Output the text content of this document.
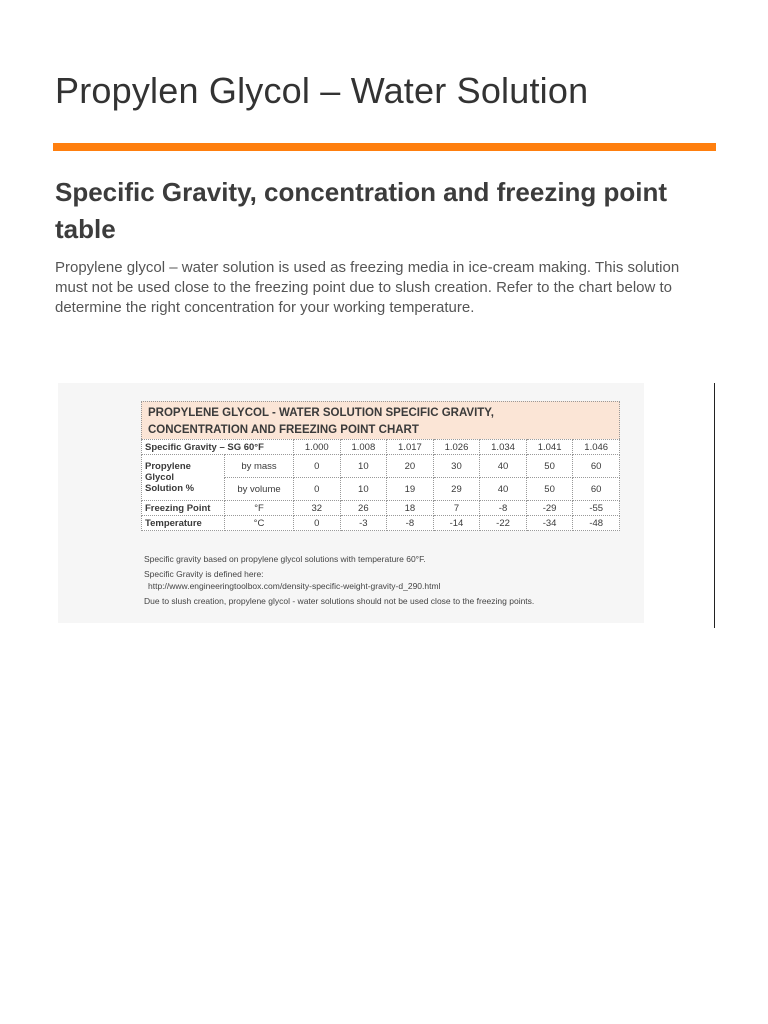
Propylen Glycol – Water Solution
Specific Gravity, concentration and freezing point table

Propylene glycol – water solution is used as freezing media in ice-cream making. This solution must not be used close to the freezing point due to slush creation. Refer to the chart below to determine the right concentration for your working temperature.

PROPYLENE GLYCOL - WATER SOLUTION SPECIFIC GRAVITY,
CONCENTRATION AND FREEZING POINT CHART
Specific Gravity – SG 60°F		1.000	1.008	1.017	1.026	1.034	1.041	1.046

Propylene
Glycol
Solution %	by mass	0	10	20	30	40	50	60
	by volume	0	10	19	29	40	50	60
Freezing Point	°F	32	26	18	7	-8	-29	-55
Temperature	°C	0	-3	-8	-14	-22	-34	-48
Specific gravity based on propylene glycol solutions with temperature 60°F.
Specific Gravity is defined here:
http://www.engineeringtoolbox.com/density-specific-weight-gravity-d_290.html
Due to slush creation, propylene glycol - water solutions should not be used close to the freezing points.
